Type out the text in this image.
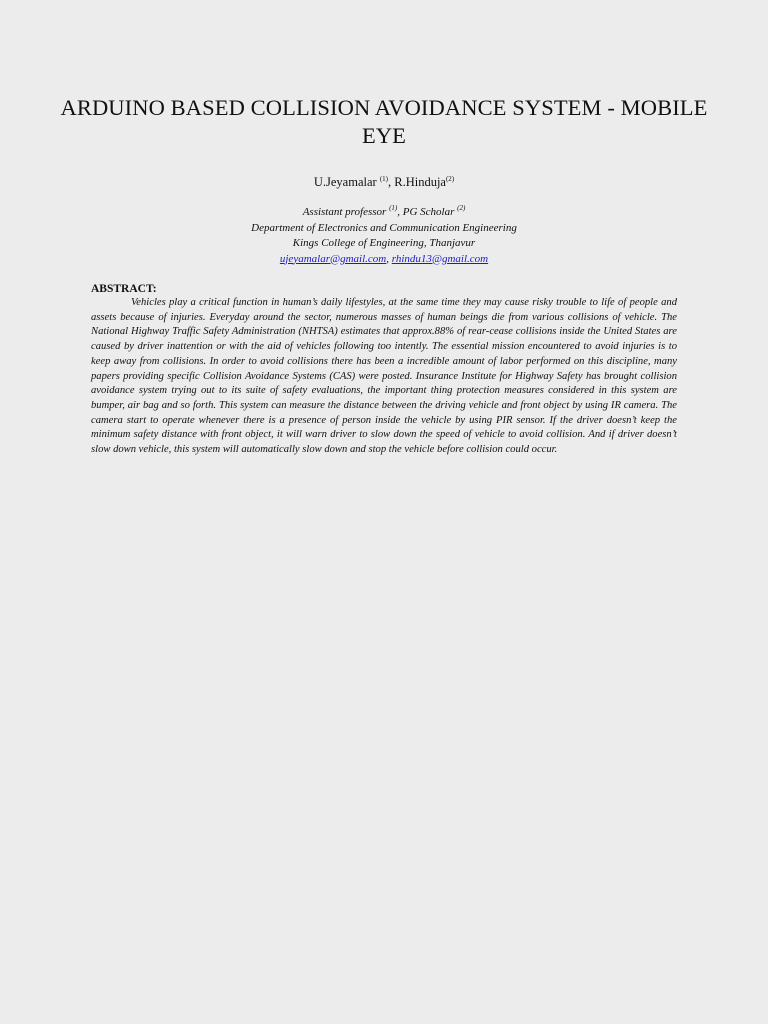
ARDUINO BASED COLLISION AVOIDANCE SYSTEM - MOBILE EYE
U.Jeyamalar $^{(1)}$, R.Hinduja$^{(2)}$
Assistant professor $^{(1)}$, PG Scholar $^{(2)}$
Department of Electronics and Communication Engineering
Kings College of Engineering, Thanjavur
ujeyamalar@gmail.com, rhindu13@gmail.com
ABSTRACT:

Vehicles play a critical function in human’s daily lifestyles, at the same time they may cause risky trouble to life of people and assets because of injuries. Everyday around the sector, numerous masses of human beings die from various collisions of vehicle. The National Highway Traffic Safety Administration (NHTSA) estimates that approx.88% of rear-cease collisions inside the United States are caused by driver inattention or with the aid of vehicles following too intently. The essential mission encountered to avoid injuries is to keep away from collisions. In order to avoid collisions there has been a incredible amount of labor performed on this discipline, many papers providing specific Collision Avoidance Systems (CAS) were posted. Insurance Institute for Highway Safety has brought collision avoidance system trying out to its suite of safety evaluations, the important thing protection measures considered in this system are bumper, air bag and so forth. This system can measure the distance between the driving vehicle and front object by using IR camera. The camera start to operate whenever there is a presence of person inside the vehicle by using PIR sensor. If the driver doesn’t keep the minimum safety distance with front object, it will warn driver to slow down the speed of vehicle to avoid collision. And if driver doesn’t slow down vehicle, this system will automatically slow down and stop the vehicle before collision could occur.
